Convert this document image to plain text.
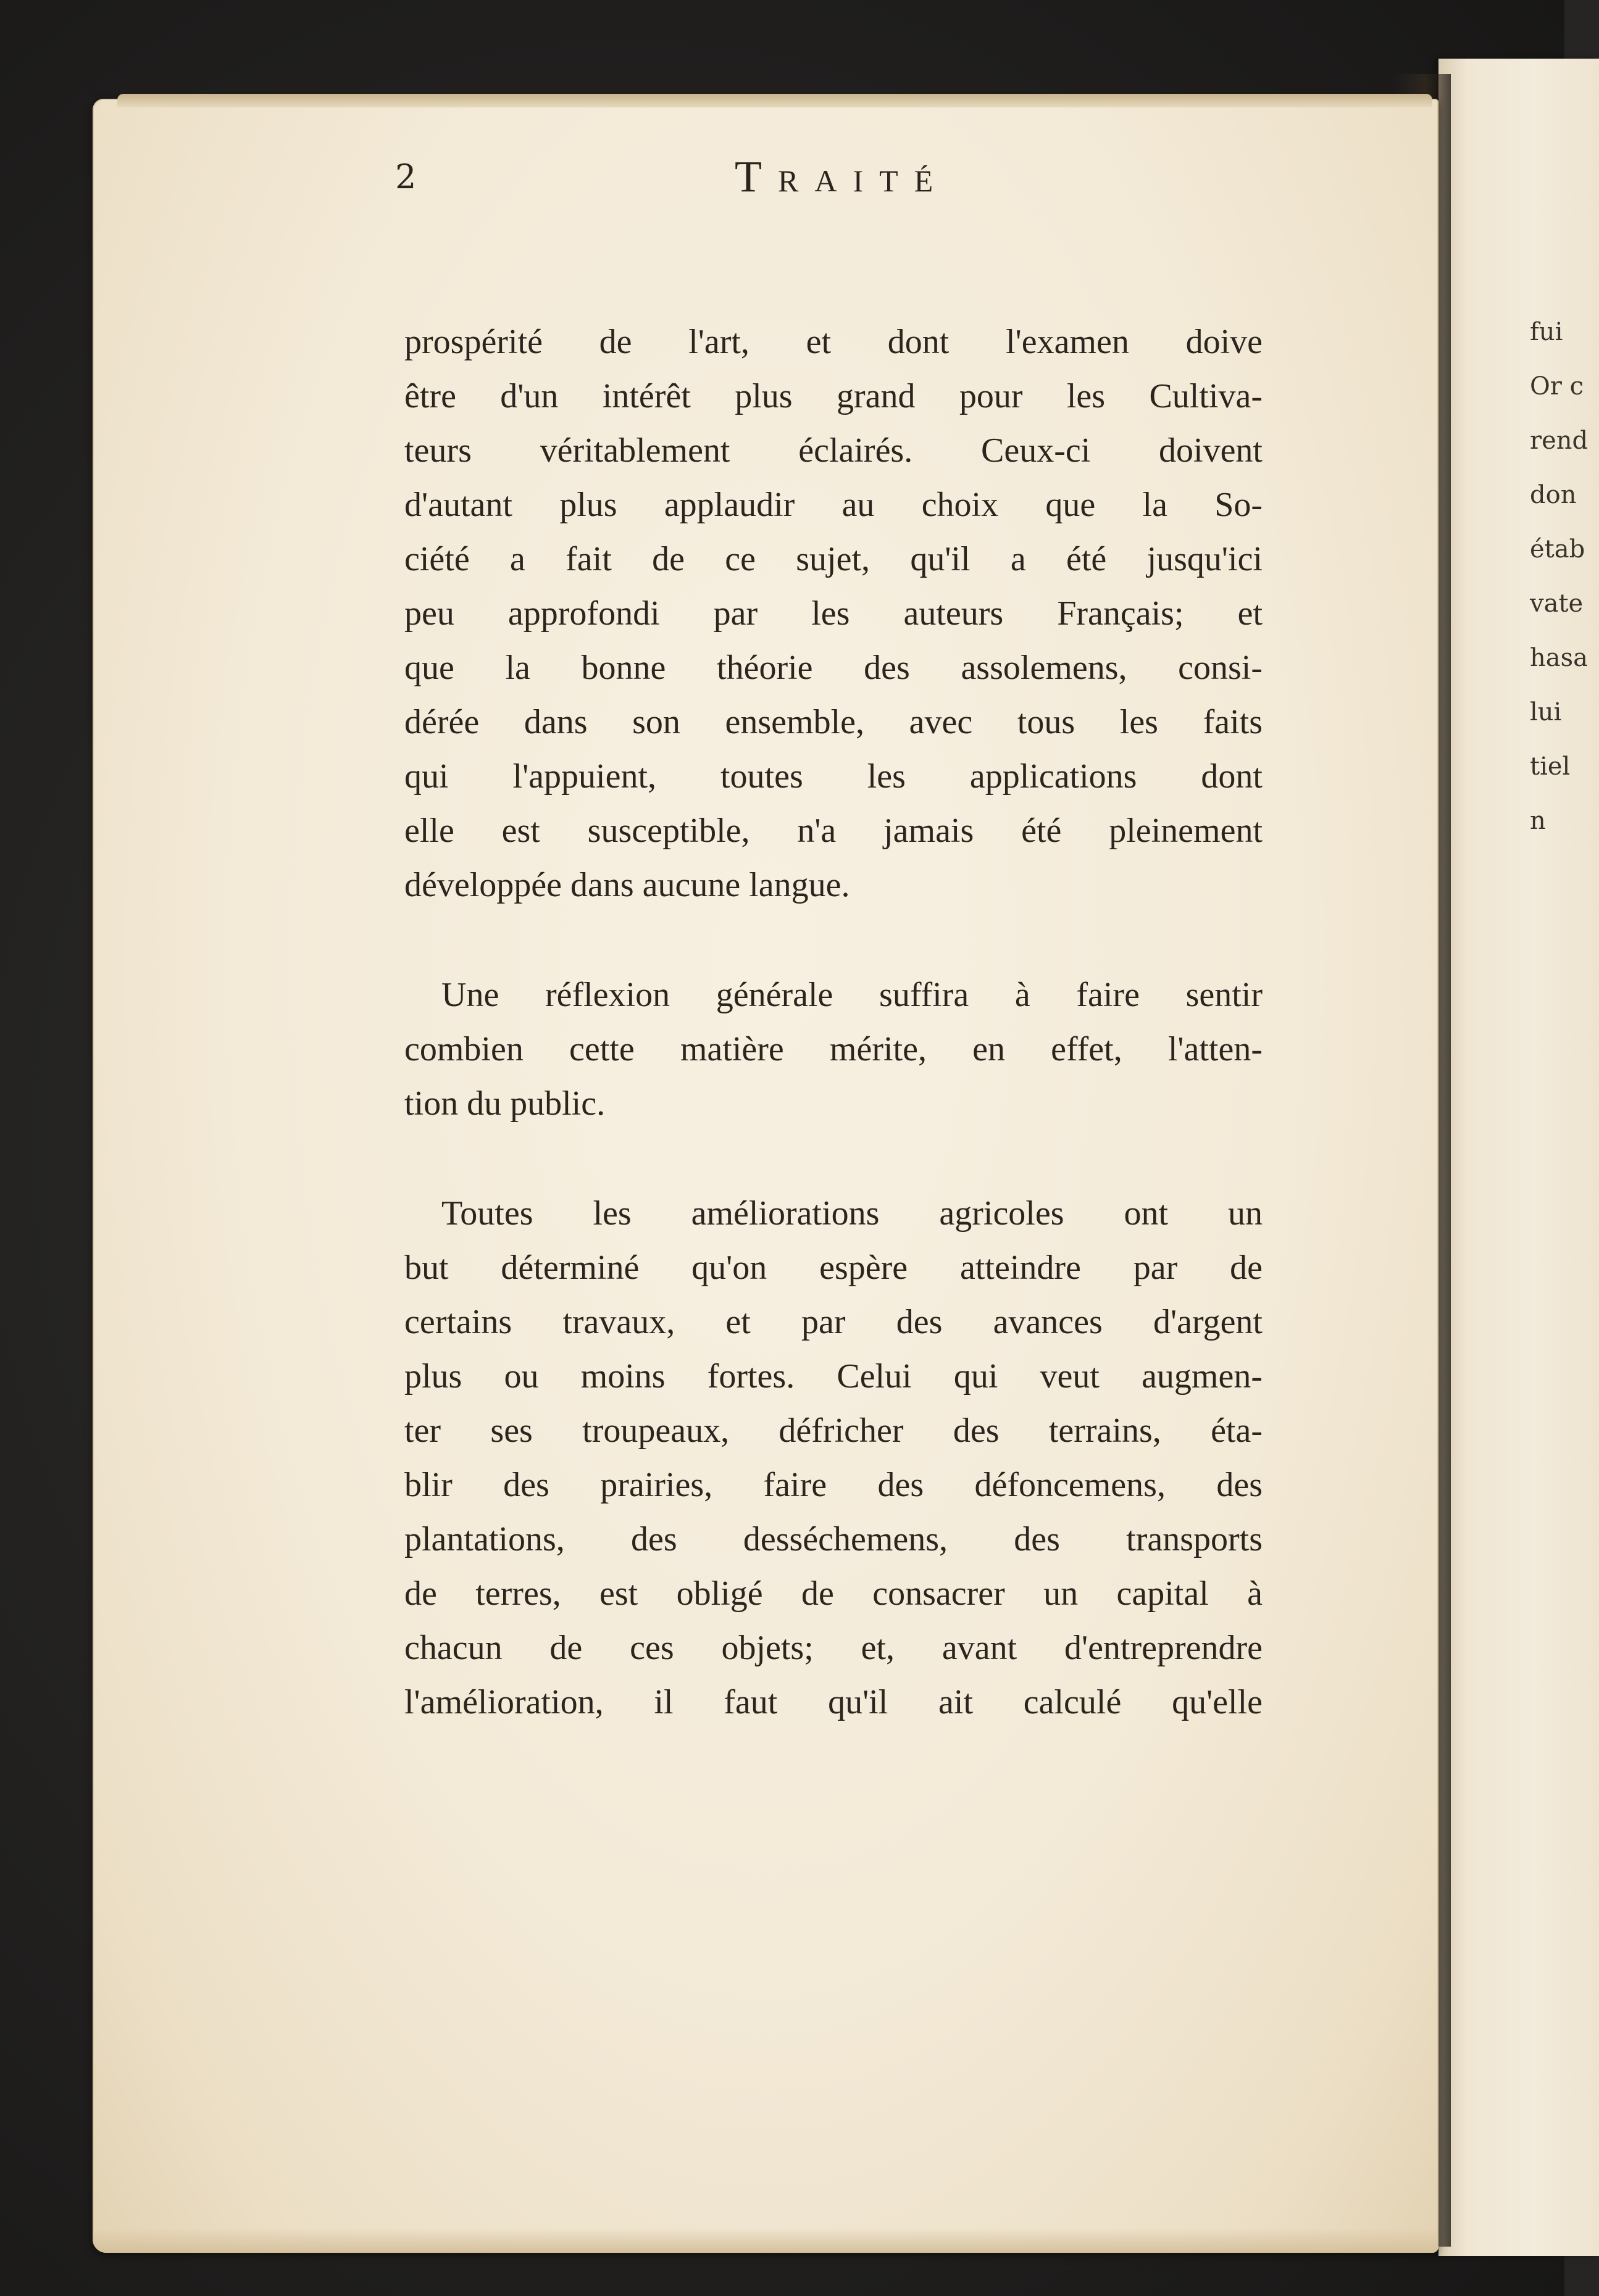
fui
Or c
rend
don
étab
vate
hasa
lui
tiel
n
2	Traité
prospérité de l'art, et dont l'examen doive
être d'un intérêt plus grand pour les Cultiva-
teurs véritablement éclairés. Ceux-ci doivent
d'autant plus applaudir au choix que la So-
ciété a fait de ce sujet, qu'il a été jusqu'ici
peu approfondi par les auteurs Français; et
que la bonne théorie des assolemens, consi-
dérée dans son ensemble, avec tous les faits
qui l'appuient, toutes les applications dont
elle est susceptible, n'a jamais été pleinement
développée dans aucune langue.
Une réflexion générale suffira à faire sentir
combien cette matière mérite, en effet, l'atten-
tion du public.
Toutes les améliorations agricoles ont un
but déterminé qu'on espère atteindre par de
certains travaux, et par des avances d'argent
plus ou moins fortes. Celui qui veut augmen-
ter ses troupeaux, défricher des terrains, éta-
blir des prairies, faire des défoncemens, des
plantations, des desséchemens, des transports
de terres, est obligé de consacrer un capital à
chacun de ces objets; et, avant d'entreprendre
l'amélioration, il faut qu'il ait calculé qu'elle
